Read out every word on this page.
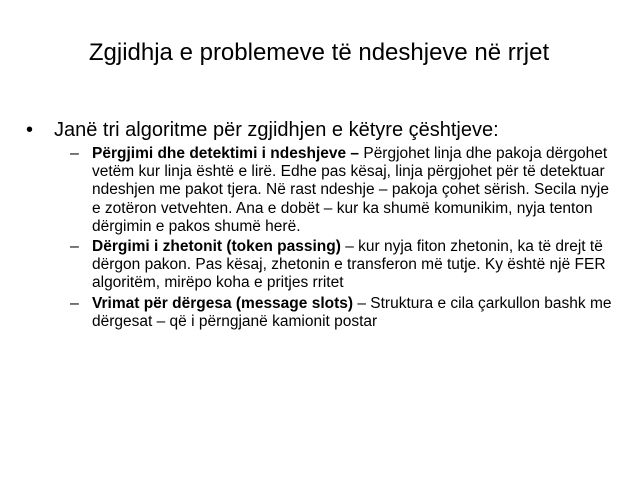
Zgjidhja e problemeve të ndeshjeve në rrjet
•	Janë tri algoritme për zgjidhjen e këtyre çështjeve:
– Përgjimi dhe detektimi i ndeshjeve – Përgjohet linja dhe pakoja dërgohet vetëm kur linja është e lirë. Edhe pas kësaj, linja përgjohet për të detektuar ndeshjen me pakot tjera. Në rast ndeshje – pakoja çohet sërish. Secila nyje e zotëron vetvehten. Ana e dobët – kur ka shumë komunikim, nyja tenton dërgimin e pakos shumë herë.
– Dërgimi i zhetonit (token passing) – kur nyja fiton zhetonin, ka të drejt të dërgon pakon. Pas kësaj, zhetonin e transferon më tutje. Ky është një FER algoritëm, mirëpo koha e pritjes rritet
– Vrimat për dërgesa (message slots) – Struktura e cila çarkullon bashk me dërgesat – që i përngjanë kamionit postar
